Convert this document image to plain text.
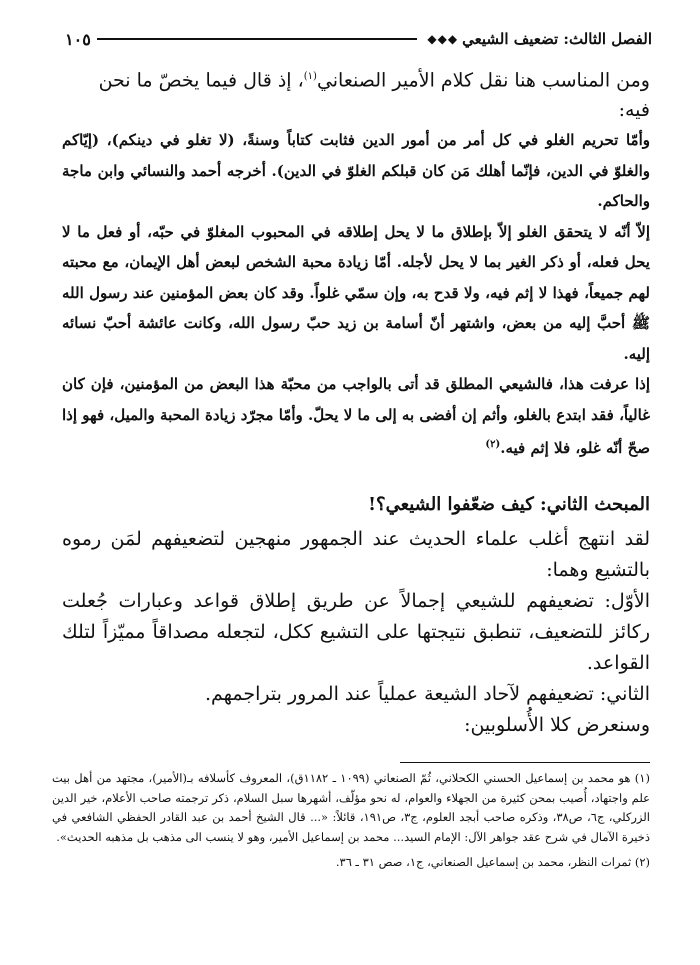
الفصل الثالث: تضعيف الشيعي
◆◆◆
١٠٥

ومن المناسب هنا نقل كلام الأمير الصنعاني$^{(١)}$، إذ قال فيما يخصّ ما نحن فيه:

وأمّا تحريم الغلو في كل أمر من أمور الدين فثابت كتاباً وسنةً، (لا تغلو في دينكم)، (إيّاكم والغلوّ في الدين، فإنّما أهلك مَن كان قبلكم الغلوّ في الدين). أخرجه أحمد والنسائي وابن ماجة والحاكم.

إلاّ أنّه لا يتحقق الغلو إلاّ بإطلاق ما لا يحل إطلاقه في المحبوب المغلوّ في حبّه، أو فعل ما لا يحل فعله، أو ذكر الغير بما لا يحل لأجله. أمّا زيادة محبة الشخص لبعض أهل الإيمان، مع محبته لهم جميعاً، فهذا لا إثم فيه، ولا قدح به، وإن سمّي غلواً. وقد كان بعض المؤمنين عند رسول الله ﷺ أحبَّ إليه من بعض، واشتهر أنّ أسامة بن زيد حبّ رسول الله، وكانت عائشة أحبّ نسائه إليه.

إذا عرفت هذا، فالشيعي المطلق قد أتى بالواجب من محبّة هذا البعض من المؤمنين، فإن كان غالياً، فقد ابتدع بالغلو، وأثم إن أفضى به إلى ما لا يحلّ. وأمّا مجرّد زيادة المحبة والميل، فهو إذا صحّ أنّه غلو، فلا إثم فيه.$^{(٢)}$

المبحث الثاني: كيف ضعّفوا الشيعي؟!

لقد انتهج أغلب علماء الحديث عند الجمهور منهجين لتضعيفهم لمَن رموه بالتشيع وهما:

الأوّل: تضعيفهم للشيعي إجمالاً عن طريق إطلاق قواعد وعبارات جُعلت ركائز للتضعيف، تنطبق نتيجتها على التشيع ككل، لتجعله مصداقاً مميّزاً لتلك القواعد.

الثاني: تضعيفهم لآحاد الشيعة عملياً عند المرور بتراجمهم.

وسنعرض كلا الأُسلوبين:

(١) هو محمد بن إسماعيل الحسني الكحلاني، ثُمّ الصنعاني (١٠٩٩ ـ ١١٨٢ق)، المعروف كأسلافه بـ(الأمير)، مجتهد من أهل بيت علم واجتهاد، أُصيب بمحن كثيرة من الجهلاء والعوام، له نحو مؤلّف، أشهرها سبل السلام، ذكر ترجمته صاحب الأعلام، خير الدين الزركلي، ج٦، ص٣٨، وذكره صاحب أبجد العلوم، ج٣، ص١٩١، قائلاً: «... قال الشيخ أحمد بن عبد القادر الحفظي الشافعي في ذخيرة الآمال في شرح عقد جواهر الآل: الإمام السيد... محمد بن إسماعيل الأمير، وهو لا ينسب الى مذهب بل مذهبه الحديث».

(٢) ثمرات النظر، محمد بن إسماعيل الصنعاني، ج١، صص ٣١ ـ ٣٦.
